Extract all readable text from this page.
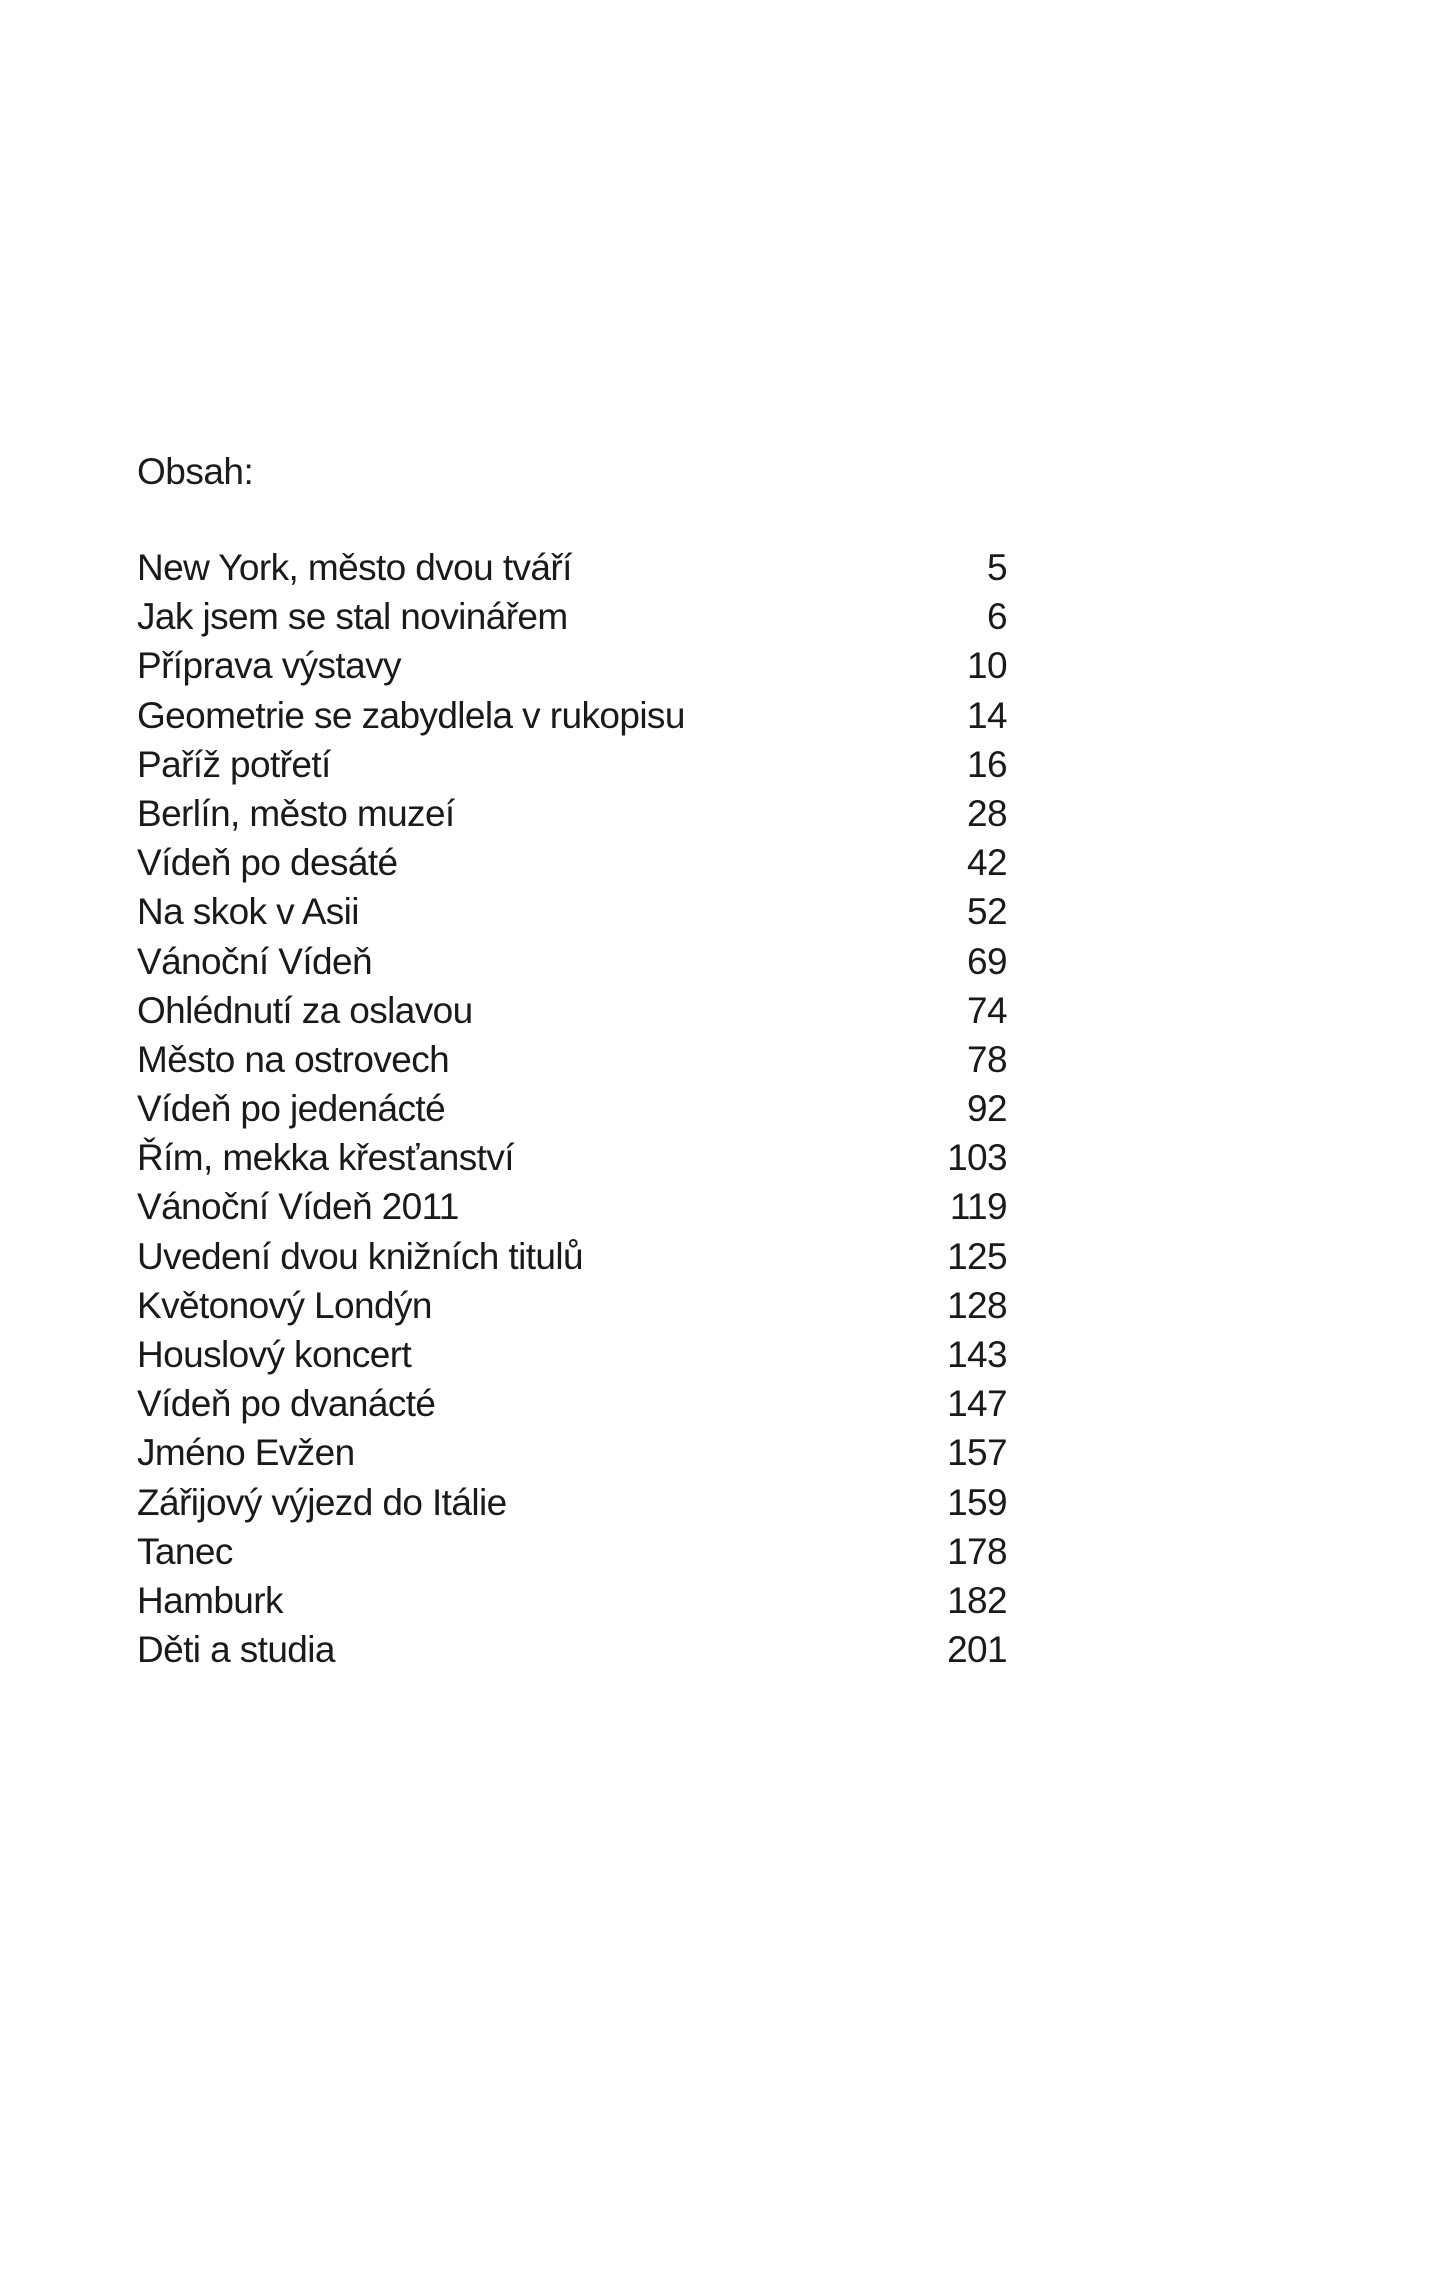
Obsah:
New York, město dvou tváří	5
Jak jsem se stal novinářem	6
Příprava výstavy	10
Geometrie se zabydlela v rukopisu	14
Paříž potřetí	16
Berlín, město muzeí	28
Vídeň po desáté	42
Na skok v Asii	52
Vánoční Vídeň	69
Ohlédnutí za oslavou	74
Město na ostrovech	78
Vídeň po jedenácté	92
Řím, mekka křesťanství	103
Vánoční Vídeň 2011	119
Uvedení dvou knižních titulů	125
Květonový Londýn	128
Houslový koncert	143
Vídeň po dvanácté	147
Jméno Evžen	157
Zářijový výjezd do Itálie	159
Tanec	178
Hamburk	182
Děti a studia	201
